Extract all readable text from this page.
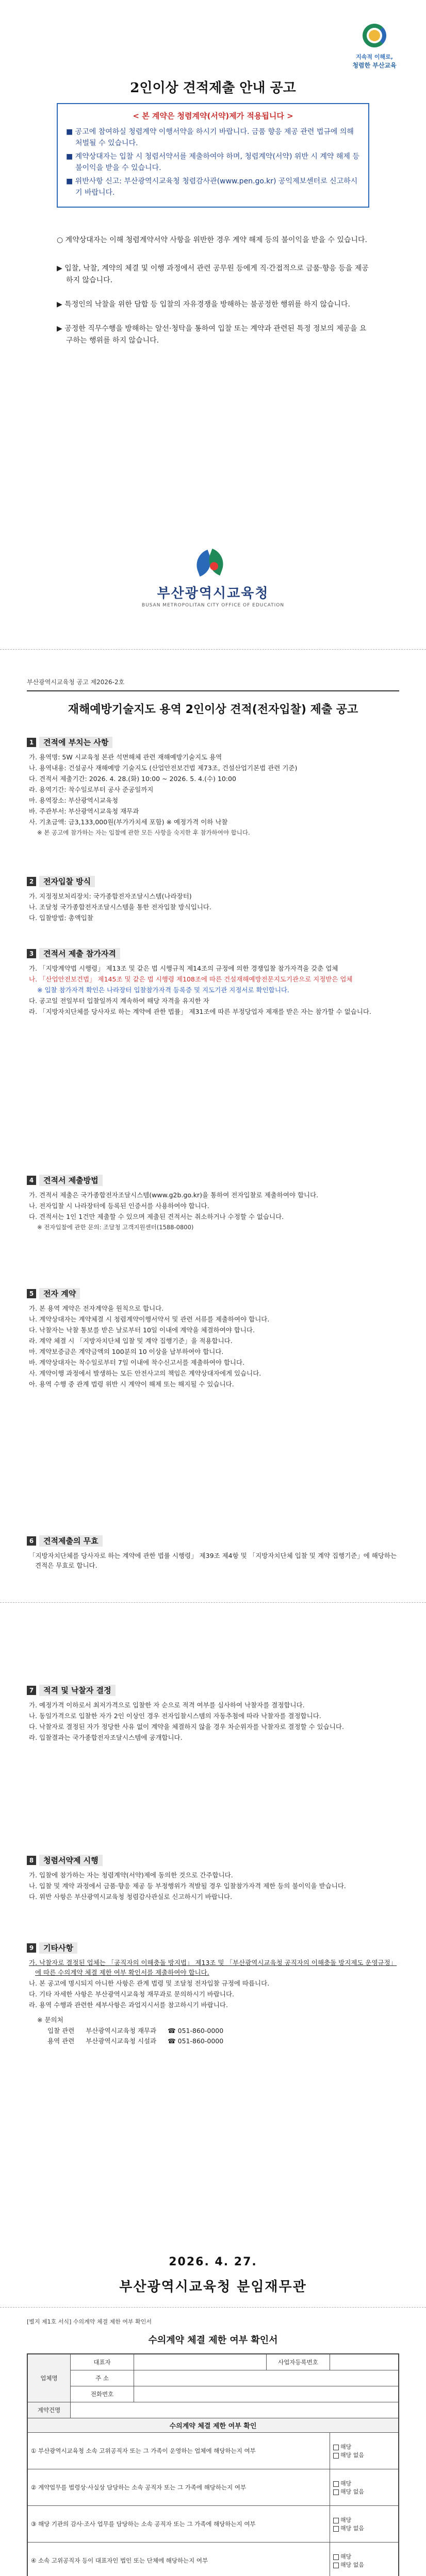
지속적 이해로,
청렴한 부산교육
2인이상 견적제출 안내 공고
< 본 계약은 청렴계약(서약)제가 적용됩니다 >
■ 공고에 참여하실 청렴계약 이행서약을 하시기 바랍니다. 금품 향응 제공 관련 법규에 의해 처벌될 수 있습니다.
■ 계약상대자는 입찰 시 청렴서약서를 제출하여야 하며, 청렴계약(서약) 위반 시 계약 해제 등 불이익을 받을 수 있습니다.
■ 위반사항 신고: 부산광역시교육청 청렴감사관(www.pen.go.kr) 공익제보센터로 신고하시기 바랍니다.

○ 계약상대자는 이해 청렴계약서약 사항을 위반한 경우 계약 해제 등의 불이익을 받을 수 있습니다.

▶ 입찰, 낙찰, 계약의 체결 및 이행 과정에서 관련 공무원 등에게 직·간접적으로 금품·향응 등을 제공하지 않습니다.

▶ 특정인의 낙찰을 위한 담합 등 입찰의 자유경쟁을 방해하는 불공정한 행위를 하지 않습니다.

▶ 공정한 직무수행을 방해하는 알선·청탁을 통하여 입찰 또는 계약과 관련된 특정 정보의 제공을 요구하는 행위를 하지 않습니다.

부산광역시교육청
BUSAN METROPOLITAN CITY OFFICE OF EDUCATION
부산광역시교육청 공고 제2026-2호
재해예방기술지도 용역 2인이상 견적(전자입찰) 제출 공고
1	견적에 부치는 사항
가. 용역명: 5W 시교육청 본관 석면해체 관련 재해예방기술지도 용역
나. 용역내용: 건설공사 재해예방 기술지도 (산업안전보건법 제73조, 건설산업기본법 관련 기준)
다. 견적서 제출기간: 2026. 4. 28.(화) 10:00 ~ 2026. 5. 4.(수) 10:00
라. 용역기간: 착수일로부터 공사 준공일까지
마. 용역장소: 부산광역시교육청
바. 주관부서: 부산광역시교육청 재무과
사. 기초금액: 금3,133,000원(부가가치세 포함) ※ 예정가격 이하 낙찰
※ 본 공고에 참가하는 자는 입찰에 관한 모든 사항을 숙지한 후 참가하여야 합니다.
2	전자입찰 방식
가. 지정정보처리장치: 국가종합전자조달시스템(나라장터)
나. 조달청 국가종합전자조달시스템을 통한 전자입찰 방식입니다.
다. 입찰방법: 총액입찰
3	견적서 제출 참가자격
가. 「지방계약법 시행령」 제13조 및 같은 법 시행규칙 제14조의 규정에 의한 경쟁입찰 참가자격을 갖춘 업체
나. 「산업안전보건법」 제145조 및 같은 법 시행령 제108조에 따른 건설재해예방전문지도기관으로 지정받은 업체
※ 입찰 참가자격 확인은 나라장터 입찰참가자격 등록증 및 지도기관 지정서로 확인합니다.
다. 공고일 전일부터 입찰일까지 계속하여 해당 자격을 유지한 자
라. 「지방자치단체를 당사자로 하는 계약에 관한 법률」 제31조에 따른 부정당업자 제재를 받은 자는 참가할 수 없습니다.
4	견적서 제출방법
가. 견적서 제출은 국가종합전자조달시스템(www.g2b.go.kr)을 통하여 전자입찰로 제출하여야 합니다.
나. 전자입찰 시 나라장터에 등록된 인증서를 사용하여야 합니다.
다. 견적서는 1인 1건만 제출할 수 있으며 제출된 견적서는 취소하거나 수정할 수 없습니다.
※ 전자입찰에 관한 문의: 조달청 고객지원센터(1588-0800)
5	전자 계약
가. 본 용역 계약은 전자계약을 원칙으로 합니다.
나. 계약상대자는 계약체결 시 청렴계약이행서약서 및 관련 서류를 제출하여야 합니다.
다. 낙찰자는 낙찰 통보를 받은 날로부터 10일 이내에 계약을 체결하여야 합니다.
라. 계약 체결 시 「지방자치단체 입찰 및 계약 집행기준」을 적용합니다.
마. 계약보증금은 계약금액의 100분의 10 이상을 납부하여야 합니다.
바. 계약상대자는 착수일로부터 7일 이내에 착수신고서를 제출하여야 합니다.
사. 계약이행 과정에서 발생하는 모든 안전사고의 책임은 계약상대자에게 있습니다.
아. 용역 수행 중 관계 법령 위반 시 계약이 해제 또는 해지될 수 있습니다.
6	견적제출의 무효
「지방자치단체를 당사자로 하는 계약에 관한 법률 시행령」 제39조 제4항 및 「지방자치단체 입찰 및 계약 집행기준」에 해당하는 견적은 무효로 합니다.
7	적격 및 낙찰자 결정
가. 예정가격 이하로서 최저가격으로 입찰한 자 순으로 적격 여부를 심사하여 낙찰자를 결정합니다.
나. 동일가격으로 입찰한 자가 2인 이상인 경우 전자입찰시스템의 자동추첨에 따라 낙찰자를 결정합니다.
다. 낙찰자로 결정된 자가 정당한 사유 없이 계약을 체결하지 않을 경우 차순위자를 낙찰자로 결정할 수 있습니다.
라. 입찰결과는 국가종합전자조달시스템에 공개합니다.
8	청렴서약제 시행
가. 입찰에 참가하는 자는 청렴계약(서약)제에 동의한 것으로 간주합니다.
나. 입찰 및 계약 과정에서 금품·향응 제공 등 부정행위가 적발될 경우 입찰참가자격 제한 등의 불이익을 받습니다.
다. 위반 사항은 부산광역시교육청 청렴감사관실로 신고하시기 바랍니다.
9	기타사항
가. 낙찰자로 결정된 업체는 「공직자의 이해충돌 방지법」 제13조 및 「부산광역시교육청 공직자의 이해충돌 방지제도 운영규정」에 따른 수의계약 체결 제한 여부 확인서를 제출하여야 합니다.
나. 본 공고에 명시되지 아니한 사항은 관계 법령 및 조달청 전자입찰 규정에 따릅니다.
다. 기타 자세한 사항은 부산광역시교육청 재무과로 문의하시기 바랍니다.
라. 용역 수행과 관련한 세부사항은 과업지시서를 참고하시기 바랍니다.
※ 문의처
입찰 관련	부산광역시교육청 재무과	☎ 051-860-0000
용역 관련	부산광역시교육청 시설과	☎ 051-860-0000
2026. 4. 27.
부산광역시교육청 분임재무관
[별지 제1호 서식] 수의계약 체결 제한 여부 확인서
수의계약 체결 제한 여부 확인서
업체명	대표자		사업자등록번호	
	주 소			
	전화번호			
계약건명				
수의계약 체결 제한 여부 확인				
① 부산광역시교육청 소속 고위공직자 또는 그 가족이 운영하는 업체에 해당하는지 여부				해당
해당 없음

② 계약업무를 법령상·사실상 담당하는 소속 공직자 또는 그 가족에 해당하는지 여부				해당
해당 없음

③ 해당 기관의 감사·조사 업무를 담당하는 소속 공직자 또는 그 가족에 해당하는지 여부				해당
해당 없음

④ 소속 고위공직자 등이 대표자인 법인 또는 단체에 해당하는지 여부				해당
해당 없음
